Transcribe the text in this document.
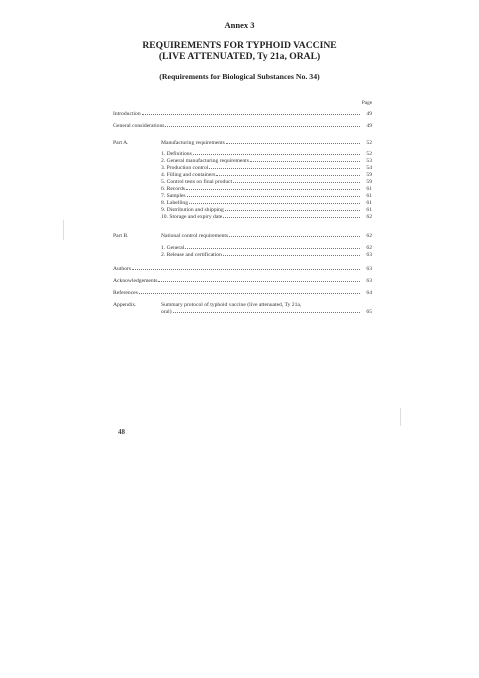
Annex 3
REQUIREMENTS FOR TYPHOID VACCINE
(LIVE ATTENUATED, Ty 21a, ORAL)
(Requirements for Biological Substances No. 34)
Page
Introduction	49
General considerations	49
Part A.	Manufacturing requirements	52
1. Definitions	52
2. General manufacturing requirements	53
3. Production control	54
4. Filling and containers	59
5. Control tests on final product	59
6. Records	61
7. Samples	61
8. Labelling	61
9. Distribution and shipping	61
10. Storage and expiry date	62
Part B.	National control requirements	62
1. General	62
2. Release and certification	63
Authors	63
Acknowledgements	63
References	64
Appendix.	Summary protocol of typhoid vaccine (live attenuated, Ty 21a,
oral)	65
48
